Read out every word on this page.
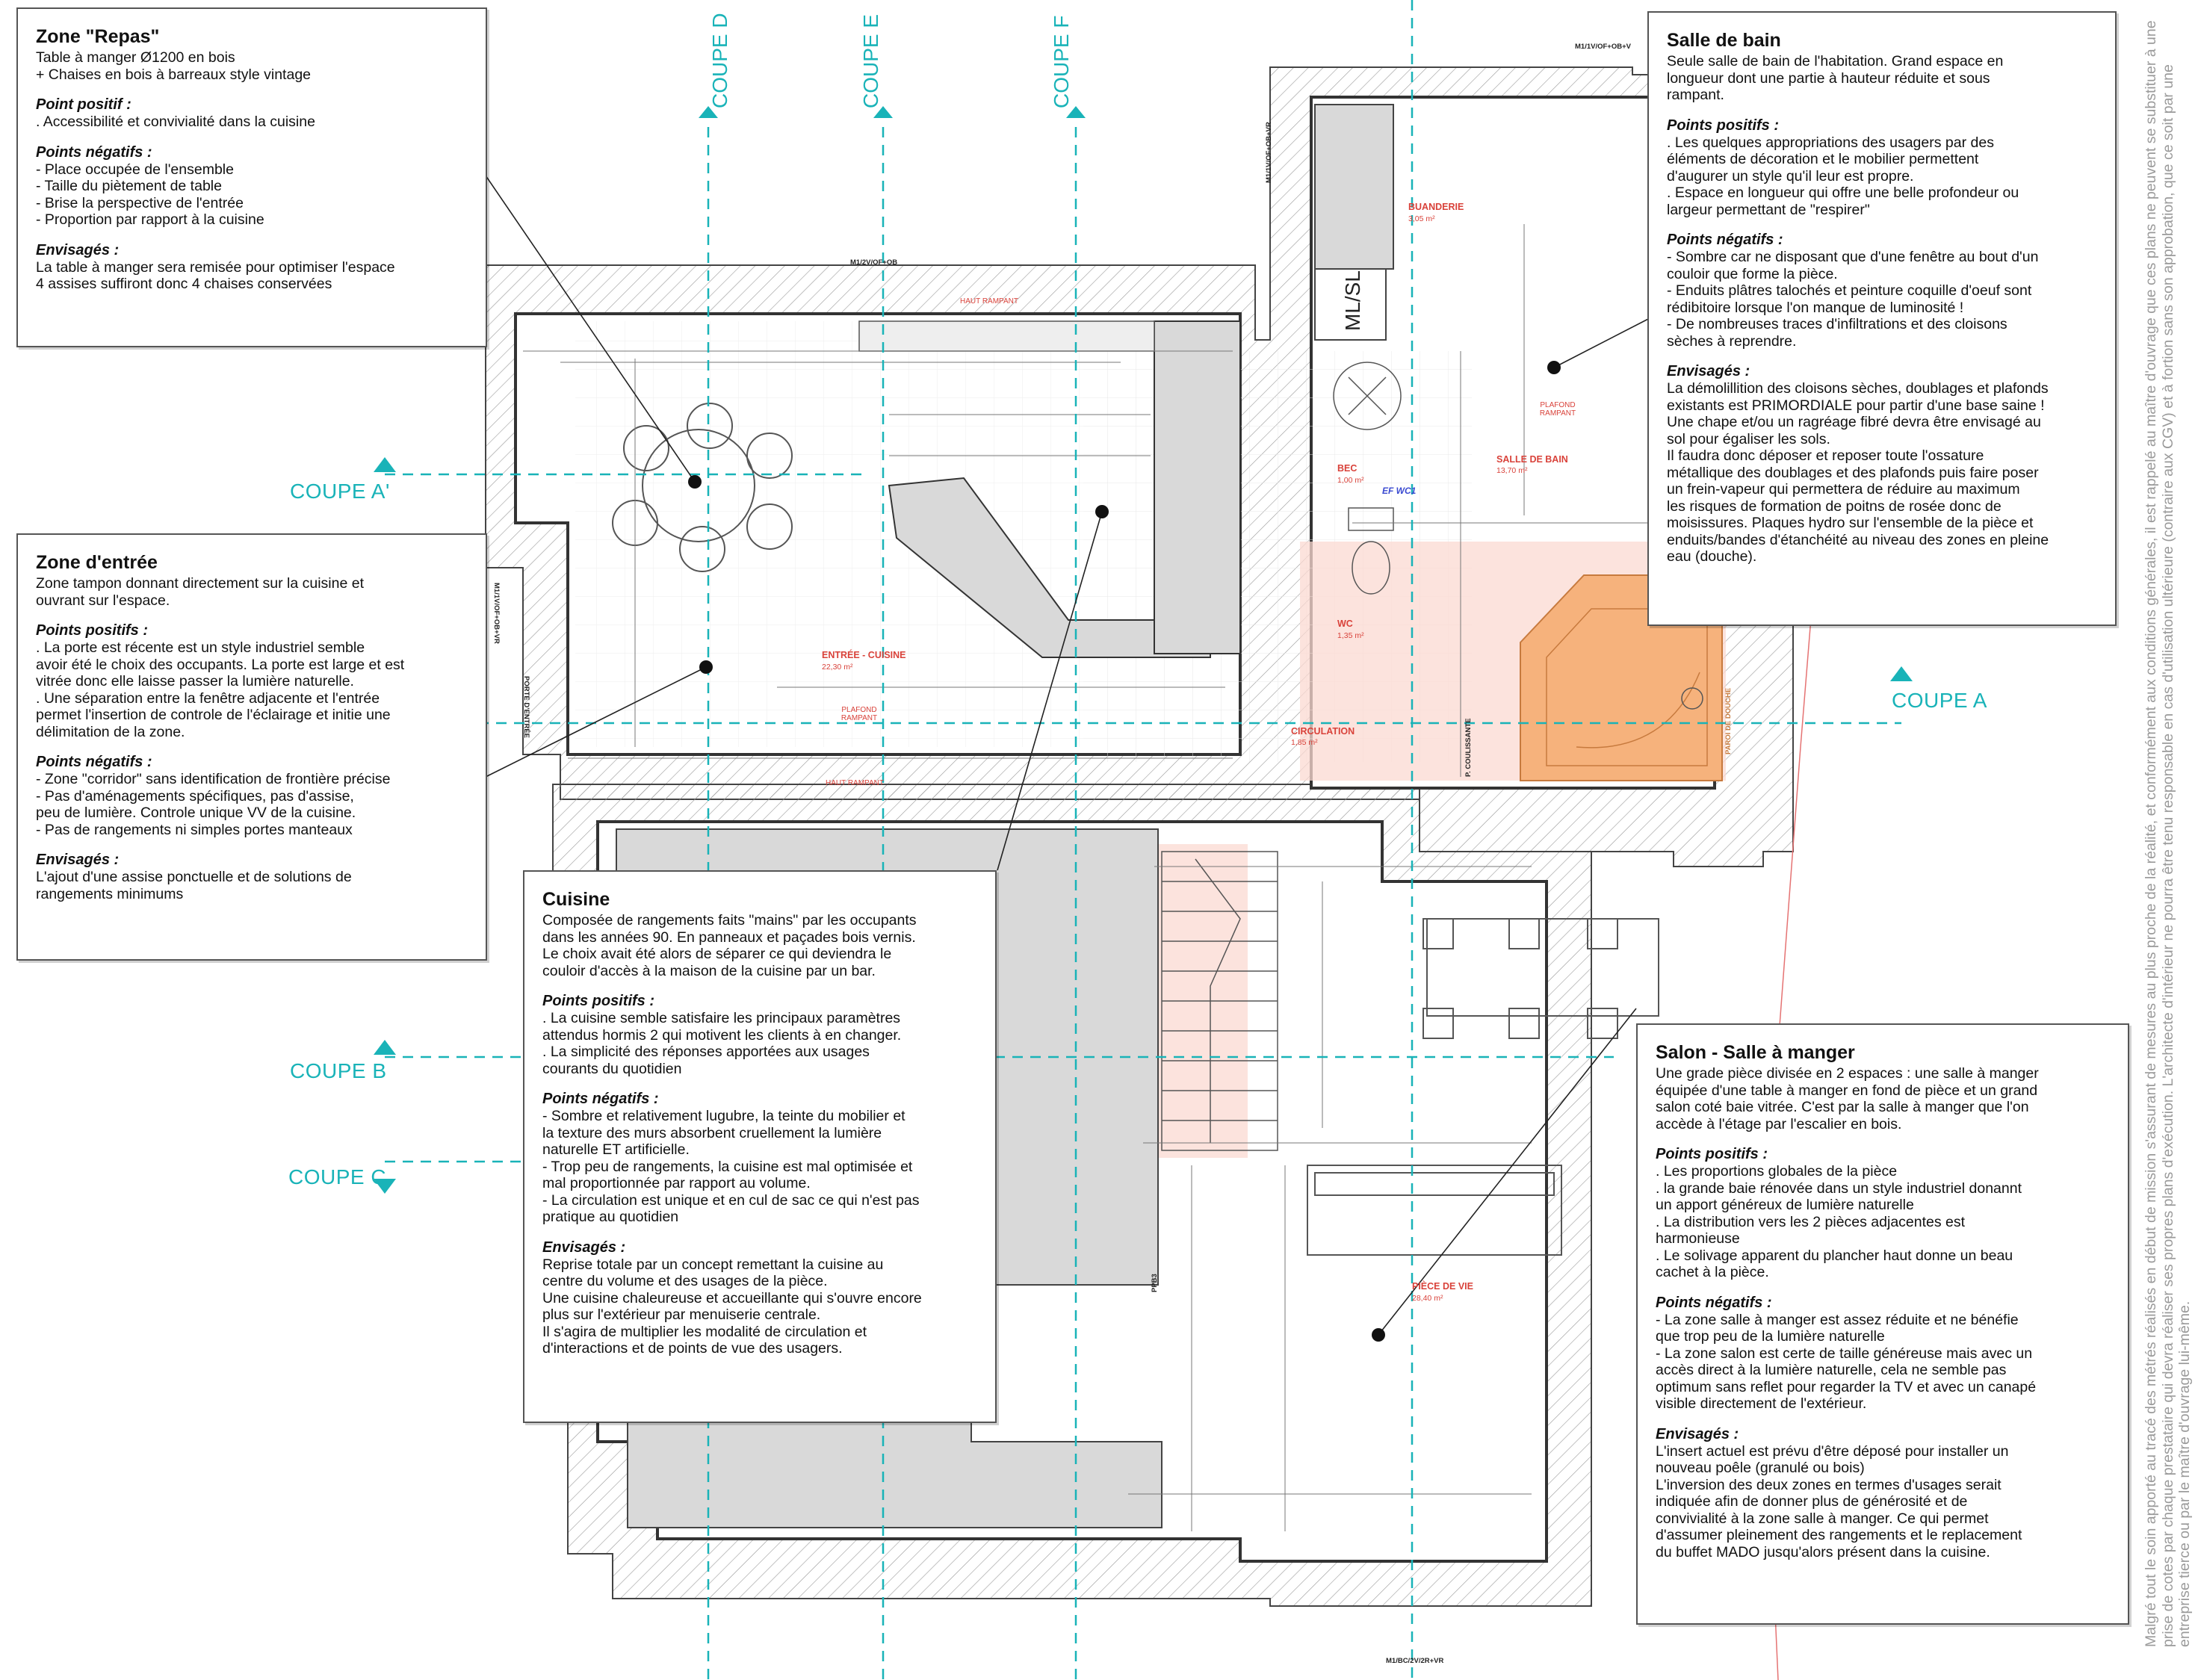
COUPE D	COUPE E	COUPE F
COUPE A'
COUPE A
COUPE B
COUPE C
BUANDERIE
3,05 m²
BEC
1,00 m²
SALLE DE BAIN
13,70 m²
WC
1,35 m²
ENTRÉE - CUISINE
22,30 m²
CIRCULATION
1,85 m²
PIÈCE DE VIE
28,40 m²
PLAFOND RAMPANT
PLAFOND RAMPANT
HAUT RAMPANT
HAUT RAMPANT
EF WC1
M1/2V/OF+OB
M1/1V/OF+OB+V
M1/BC/2V/2R+VR
M1/1V/OF+OB+VR
M1/1V/OF+OB+VR
PORTE D'ENTRÉE
P. COULISSANTE	PAROI DE DOUCHE
PPB3
ML/SL
Zone "Repas"

Table à manger Ø1200 en bois

+ Chaises en bois à barreaux style vintage

Point positif :

. Accessibilité et convivialité dans la cuisine

Points négatifs :

- Place occupée de l'ensemble

- Taille du piètement de table

- Brise la perspective de l'entrée

- Proportion par rapport à la cuisine

Envisagés :

La table à manger sera remisée pour optimiser l'espace

4 assises suffiront donc 4 chaises conservées

Zone d'entrée

Zone tampon donnant directement sur la cuisine et

ouvrant sur l'espace.

Points positifs :

. La porte est récente est un style industriel semble

avoir été le choix des occupants. La porte est large et est

vitrée donc elle laisse passer la lumière naturelle.

. Une séparation entre la fenêtre adjacente et l'entrée

permet l'insertion de controle de l'éclairage et initie une

délimitation de la zone.

Points négatifs :

- Zone "corridor" sans identification de frontière précise

- Pas d'aménagements spécifiques, pas d'assise,

peu de lumière. Controle unique VV de la cuisine.

- Pas de rangements ni simples portes manteaux

Envisagés :

L'ajout d'une assise ponctuelle et de solutions de

rangements minimums	Cuisine

Composée de rangements faits "mains" par les occupants

dans les années 90. En panneaux et paçades bois vernis.

Le choix avait été alors de séparer ce qui deviendra le

couloir d'accès à la maison de la cuisine par un bar.

Points positifs :

. La cuisine semble satisfaire les principaux paramètres

attendus hormis 2 qui motivent les clients à en changer.

. La simplicité des réponses apportées aux usages

courants du quotidien

Points négatifs :

- Sombre et relativement lugubre, la teinte du mobilier et

la texture des murs absorbent cruellement la lumière

naturelle ET artificielle.

- Trop peu de rangements, la cuisine est mal optimisée et

mal proportionnée par rapport au volume.

- La circulation est unique et en cul de sac ce qui n'est pas

pratique au quotidien

Envisagés :

Reprise totale par un concept remettant la cuisine au

centre du volume et des usages de la pièce.

Une cuisine chaleureuse et accueillante qui s'ouvre encore

plus sur l'extérieur par menuiserie centrale.

Il s'agira de multiplier les modalité de circulation et

d'interactions et de points de vue des usagers.

Salle de bain

Seule salle de bain de l'habitation. Grand espace en

longueur dont une partie à hauteur réduite et sous

rampant.

Points positifs :

. Les quelques appropriations des usagers par des

éléments de décoration et le mobilier permettent

d'augurer un style qu'il leur est propre.

. Espace en longueur qui offre une belle profondeur ou

largeur permettant de "respirer"

Points négatifs :

- Sombre car ne disposant que d'une fenêtre au bout d'un

couloir que forme la pièce.

- Enduits plâtres talochés et peinture coquille d'oeuf sont

rédibitoire lorsque l'on manque de luminosité !

- De nombreuses traces d'infiltrations et des cloisons

sèches à reprendre.

Envisagés :

La démolillition des cloisons sèches, doublages et plafonds

existants est PRIMORDIALE pour partir d'une base saine !

Une chape et/ou un ragréage fibré devra être envisagé au

sol pour égaliser les sols.

Il faudra donc déposer et reposer toute l'ossature

métallique des doublages et des plafonds puis faire poser

un frein-vapeur qui permettera de réduire au maximum

les risques de formation de poitns de rosée donc de

moisissures. Plaques hydro sur l'ensemble de la pièce et

enduits/bandes d'étanchéité au niveau des zones en pleine

eau (douche).

Salon - Salle à manger

Une grade pièce divisée en 2 espaces : une salle à manger

équipée d'une table à manger en fond de pièce et un grand

salon coté baie vitrée. C'est par la salle à manger que l'on

accède à l'étage par l'escalier en bois.

Points positifs :

. Les proportions globales de la pièce

. la grande baie rénovée dans un style industriel donannt

un apport généreux de lumière naturelle

. La distribution vers les 2 pièces adjacentes est

harmonieuse

. Le solivage apparent du plancher haut donne un beau

cachet à la pièce.

Points négatifs :

- La zone salle à manger est assez réduite et ne bénéfie

que trop peu de la lumière naturelle

- La zone salon est certe de taille généreuse mais avec un

accès direct à la lumière naturelle, cela ne semble pas

optimum sans reflet pour regarder la TV et avec un canapé

visible directement de l'extérieur.

Envisagés :

L'insert actuel est prévu d'être déposé pour installer un

nouveau poêle (granulé ou bois)

L'inversion des deux zones en termes d'usages serait

indiquée afin de donner plus de générosité et de

convivialité à la zone salle à manger. Ce qui permet

d'assumer pleinement des rangements et le replacement

du buffet MADO jusqu'alors présent dans la cuisine.	Malgré tout le soin apporté au tracé des métrés réalisés en début de mission s'assurant de mesures au plus proche de la réalité, et conformément aux conditions générales, il est rappelé au maître d'ouvrage que ces plans ne peuvent se substituer à une prise de cotes par chaque prestataire qui devra réaliser ses propres plans d'exécution. L'architecte d'intérieur ne pourra être tenu responsable en cas d'utilisation ultérieure (contraire aux CGV) et à fortion sans son approbation, que ce soit par une entreprise tierce ou par le maître d'ouvrage lui-même.
